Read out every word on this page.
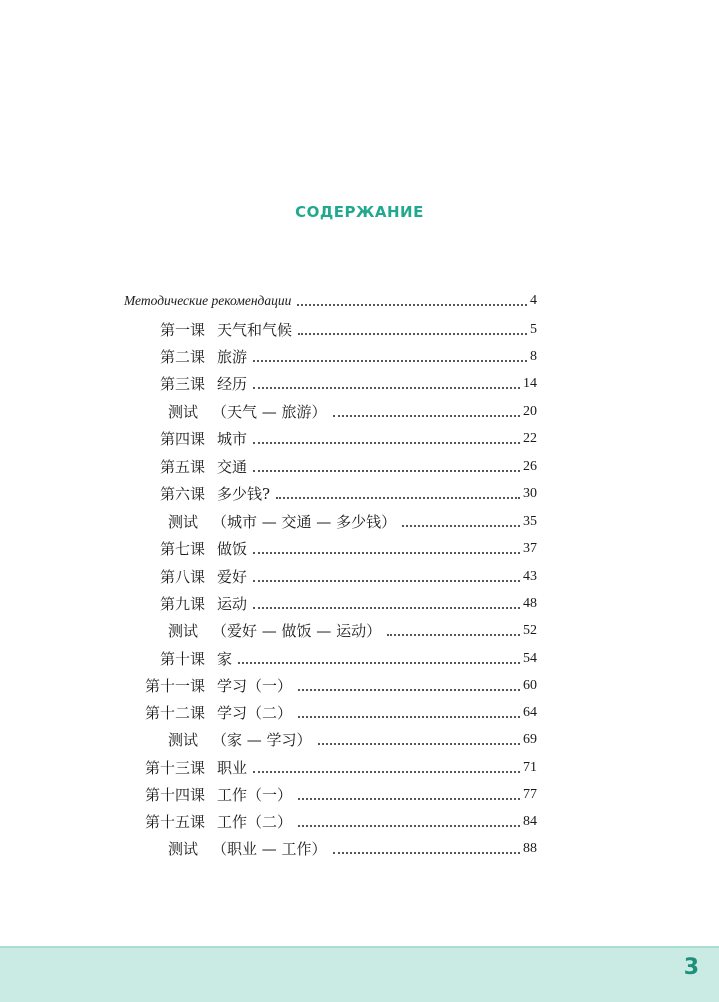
СОДЕРЖАНИЕ
Методические рекомендации	4
第一课 天气和气候	5
第二课 旅游	8
第三课 经历	14
测试 （天气 — 旅游）	20
第四课 城市	22
第五课 交通	26
第六课 多少钱?	30
测试 （城市 — 交通 — 多少钱）	35
第七课 做饭	37
第八课 爱好	43
第九课 运动	48
测试 （爱好 — 做饭 — 运动）	52
第十课 家	54
第十一课 学习（一）	60
第十二课 学习（二）	64
测试 （家 — 学习）	69
第十三课 职业	71
第十四课 工作（一）	77
第十五课 工作（二）	84
测试 （职业 — 工作）	88
3
